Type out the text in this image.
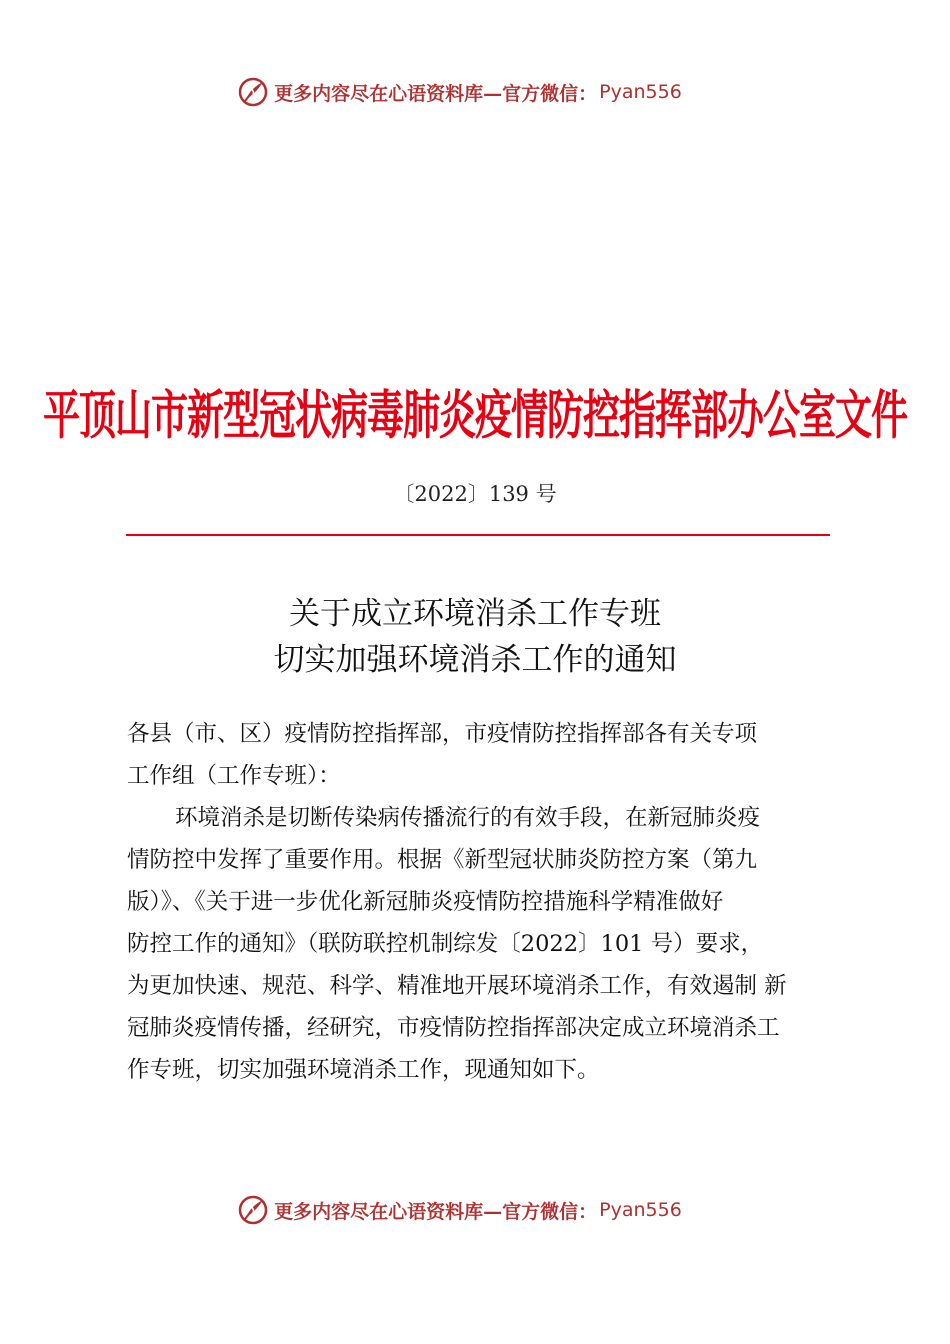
更多内容尽在心语资料库—官方微信： Pyan556
平顶山市新型冠状病毒肺炎疫情防控指挥部办公室文件
〔2022〕139 号
关于成立环境消杀工作专班
切实加强环境消杀工作的通知
各县（市、区）疫情防控指挥部，市疫情防控指挥部各有关专项
工作组（工作专班）：
环境消杀是切断传染病传播流行的有效手段，在新冠肺炎疫
情防控中发挥了重要作用。根据《新型冠状肺炎防控方案（第九
版）》、《关于进一步优化新冠肺炎疫情防控措施科学精准做好
防控工作的通知》（联防联控机制综发〔2022〕101 号）要求，
为更加快速、规范、科学、精准地开展环境消杀工作，有效遏制 新
冠肺炎疫情传播，经研究，市疫情防控指挥部决定成立环境消杀工
作专班，切实加强环境消杀工作，现通知如下。
更多内容尽在心语资料库—官方微信： Pyan556
